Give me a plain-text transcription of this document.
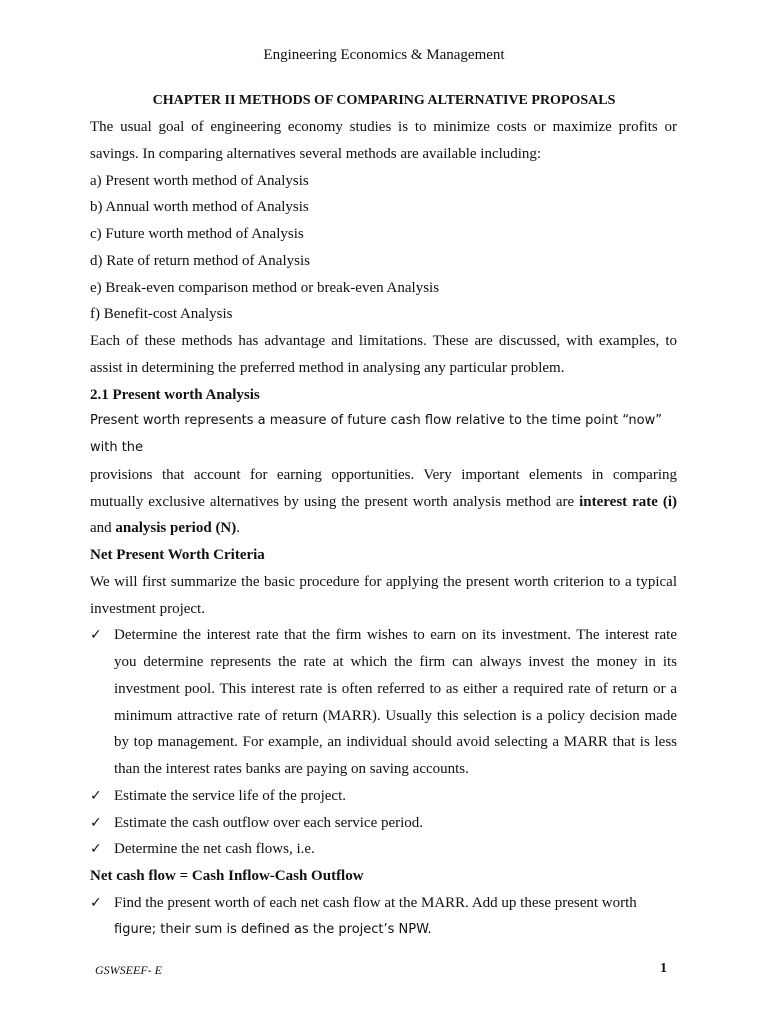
Engineering Economics & Management
CHAPTER II METHODS OF COMPARING ALTERNATIVE PROPOSALS

The usual goal of engineering economy studies is to minimize costs or maximize profits or savings. In comparing alternatives several methods are available including:

a) Present worth method of Analysis

b) Annual worth method of Analysis

c) Future worth method of Analysis

d) Rate of return method of Analysis

e) Break-even comparison method or break-even Analysis

f) Benefit-cost Analysis

Each of these methods has advantage and limitations. These are discussed, with examples, to assist in determining the preferred method in analysing any particular problem.

2.1 Present worth Analysis

Present worth represents a measure of future cash flow relative to the time point “now” with the

provisions that account for earning opportunities. Very important elements in comparing mutually exclusive alternatives by using the present worth analysis method are interest rate (i) and analysis period (N).

Net Present Worth Criteria

We will first summarize the basic procedure for applying the present worth criterion to a typical investment project.

✓ Determine the interest rate that the firm wishes to earn on its investment. The interest rate you determine represents the rate at which the firm can always invest the money in its investment pool. This interest rate is often referred to as either a required rate of return or a minimum attractive rate of return (MARR). Usually this selection is a policy decision made by top management. For example, an individual should avoid selecting a MARR that is less than the interest rates banks are paying on saving accounts.
✓ Estimate the service life of the project.
✓ Estimate the cash outflow over each service period.
✓ Determine the net cash flows, i.e.

Net cash flow = Cash Inflow-Cash Outflow

✓ Find the present worth of each net cash flow at the MARR. Add up these present worth
figure; their sum is defined as the project’s NPW.
GSWSEEF- E	1
